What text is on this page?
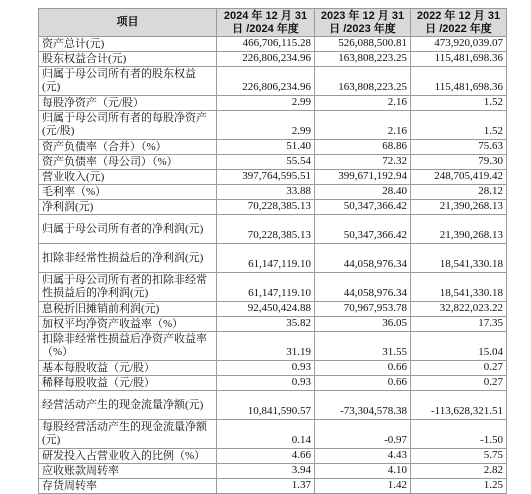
项目	2024 年 12 月 31 日 /2024 年度	2023 年 12 月 31 日 /2023 年度	2022 年 12 月 31 日 /2022 年度
资产总计(元)	466,706,115.28	526,088,500.81	473,920,039.07
股东权益合计(元)	226,806,234.96	163,808,223.25	115,481,698.36
归属于母公司所有者的股东权益(元)	226,806,234.96	163,808,223.25	115,481,698.36
每股净资产（元/股）	2.99	2.16	1.52
归属于母公司所有者的每股净资产(元/股)	2.99	2.16	1.52
资产负债率（合并）（%）	51.40	68.86	75.63
资产负债率（母公司）（%）	55.54	72.32	79.30
营业收入(元)	397,764,595.51	399,671,192.94	248,705,419.42
毛利率（%）	33.88	28.40	28.12
净利润(元)	70,228,385.13	50,347,366.42	21,390,268.13
归属于母公司所有者的净利润(元)	70,228,385.13	50,347,366.42	21,390,268.13
扣除非经常性损益后的净利润(元)	61,147,119.10	44,058,976.34	18,541,330.18
归属于母公司所有者的扣除非经常性损益后的净利润(元)	61,147,119.10	44,058,976.34	18,541,330.18
息税折旧摊销前利润(元)	92,450,424.88	70,967,953.78	32,822,023.22
加权平均净资产收益率（%）	35.82	36.05	17.35
扣除非经常性损益后净资产收益率（%）	31.19	31.55	15.04
基本每股收益（元/股）	0.93	0.66	0.27
稀释每股收益（元/股）	0.93	0.66	0.27
经营活动产生的现金流量净额(元)	10,841,590.57	-73,304,578.38	-113,628,321.51
每股经营活动产生的现金流量净额(元)	0.14	-0.97	-1.50
研发投入占营业收入的比例（%）	4.66	4.43	5.75
应收账款周转率	3.94	4.10	2.82
存货周转率	1.37	1.42	1.25
